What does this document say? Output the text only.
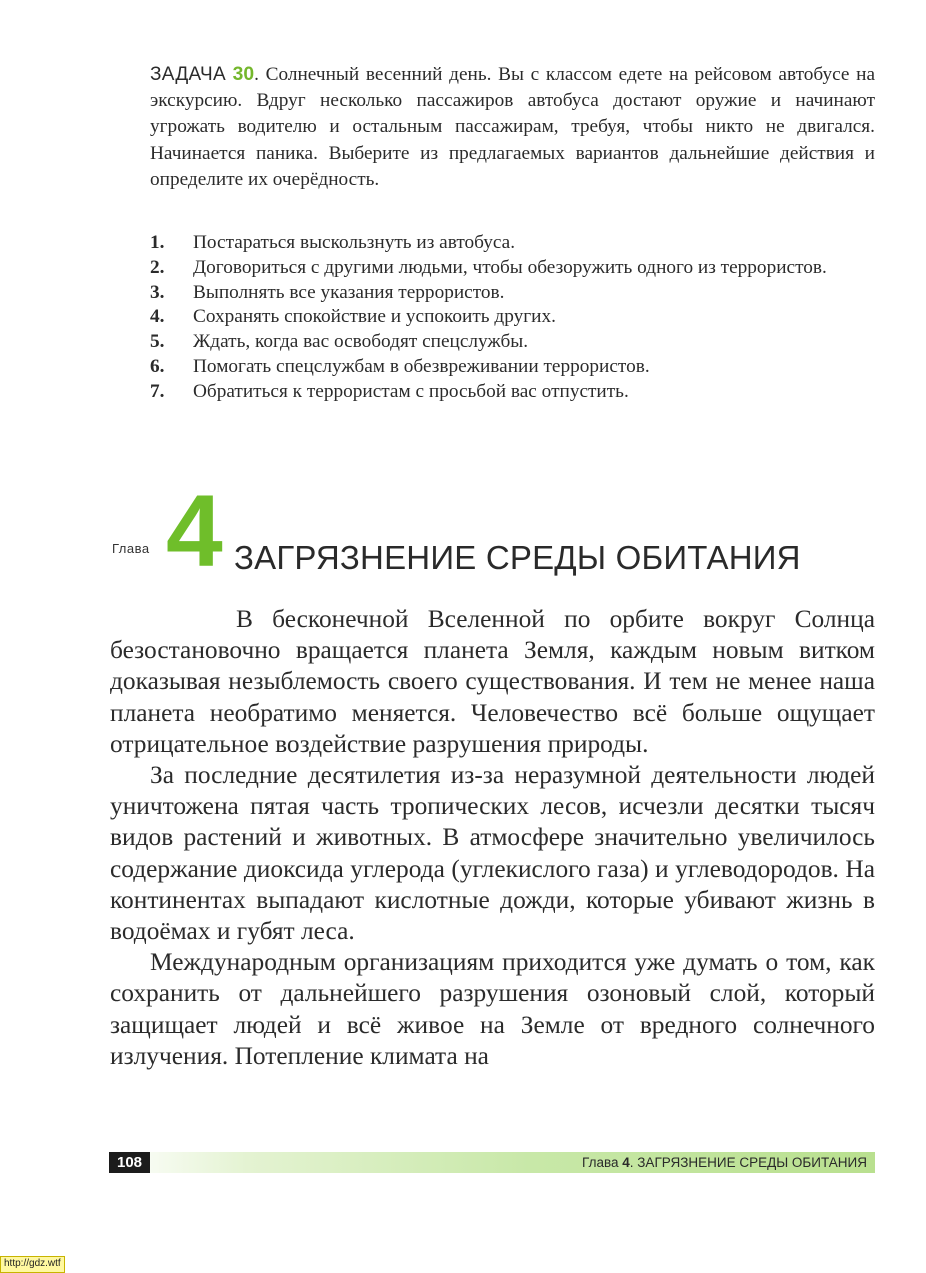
ЗАДАЧА 30. Солнечный весенний день. Вы с классом едете на рейсовом автобусе на экскурсию. Вдруг несколько пассажиров автобуса достают оружие и начинают угрожать водителю и остальным пассажирам, требуя, чтобы никто не двигался. Начинается паника. Выберите из предлагаемых вариантов дальнейшие действия и определите их очерёдность.
1. Постараться выскользнуть из автобуса.
2. Договориться с другими людьми, чтобы обезоружить одного из террористов.
3. Выполнять все указания террористов.
4. Сохранять спокойствие и успокоить других.
5. Ждать, когда вас освободят спецслужбы.
6. Помогать спецслужбам в обезвреживании террористов.
7. Обратиться к террористам с просьбой вас отпустить.
Глава 4 ЗАГРЯЗНЕНИЕ СРЕДЫ ОБИТАНИЯ

В бесконечной Вселенной по орбите вокруг Солнца безостановочно вращается планета Земля, каждым новым витком доказывая незыблемость своего существования. И тем не менее наша планета необратимо меняется. Человечество всё больше ощущает отрицательное воздействие разрушения природы.

За последние десятилетия из-за неразумной деятельности людей уничтожена пятая часть тропических лесов, исчезли десятки тысяч видов растений и животных. В атмосфере значительно увеличилось содержание диоксида углерода (углекислого газа) и углеводородов. На континентах выпадают кислотные дожди, которые убивают жизнь в водоёмах и губят леса.

Международным организациям приходится уже думать о том, как сохранить от дальнейшего разрушения озоновый слой, который защищает людей и всё живое на Земле от вредного солнечного излучения. Потепление климата на

108	Глава 4. ЗАГРЯЗНЕНИЕ СРЕДЫ ОБИТАНИЯ
http://gdz.wtf
